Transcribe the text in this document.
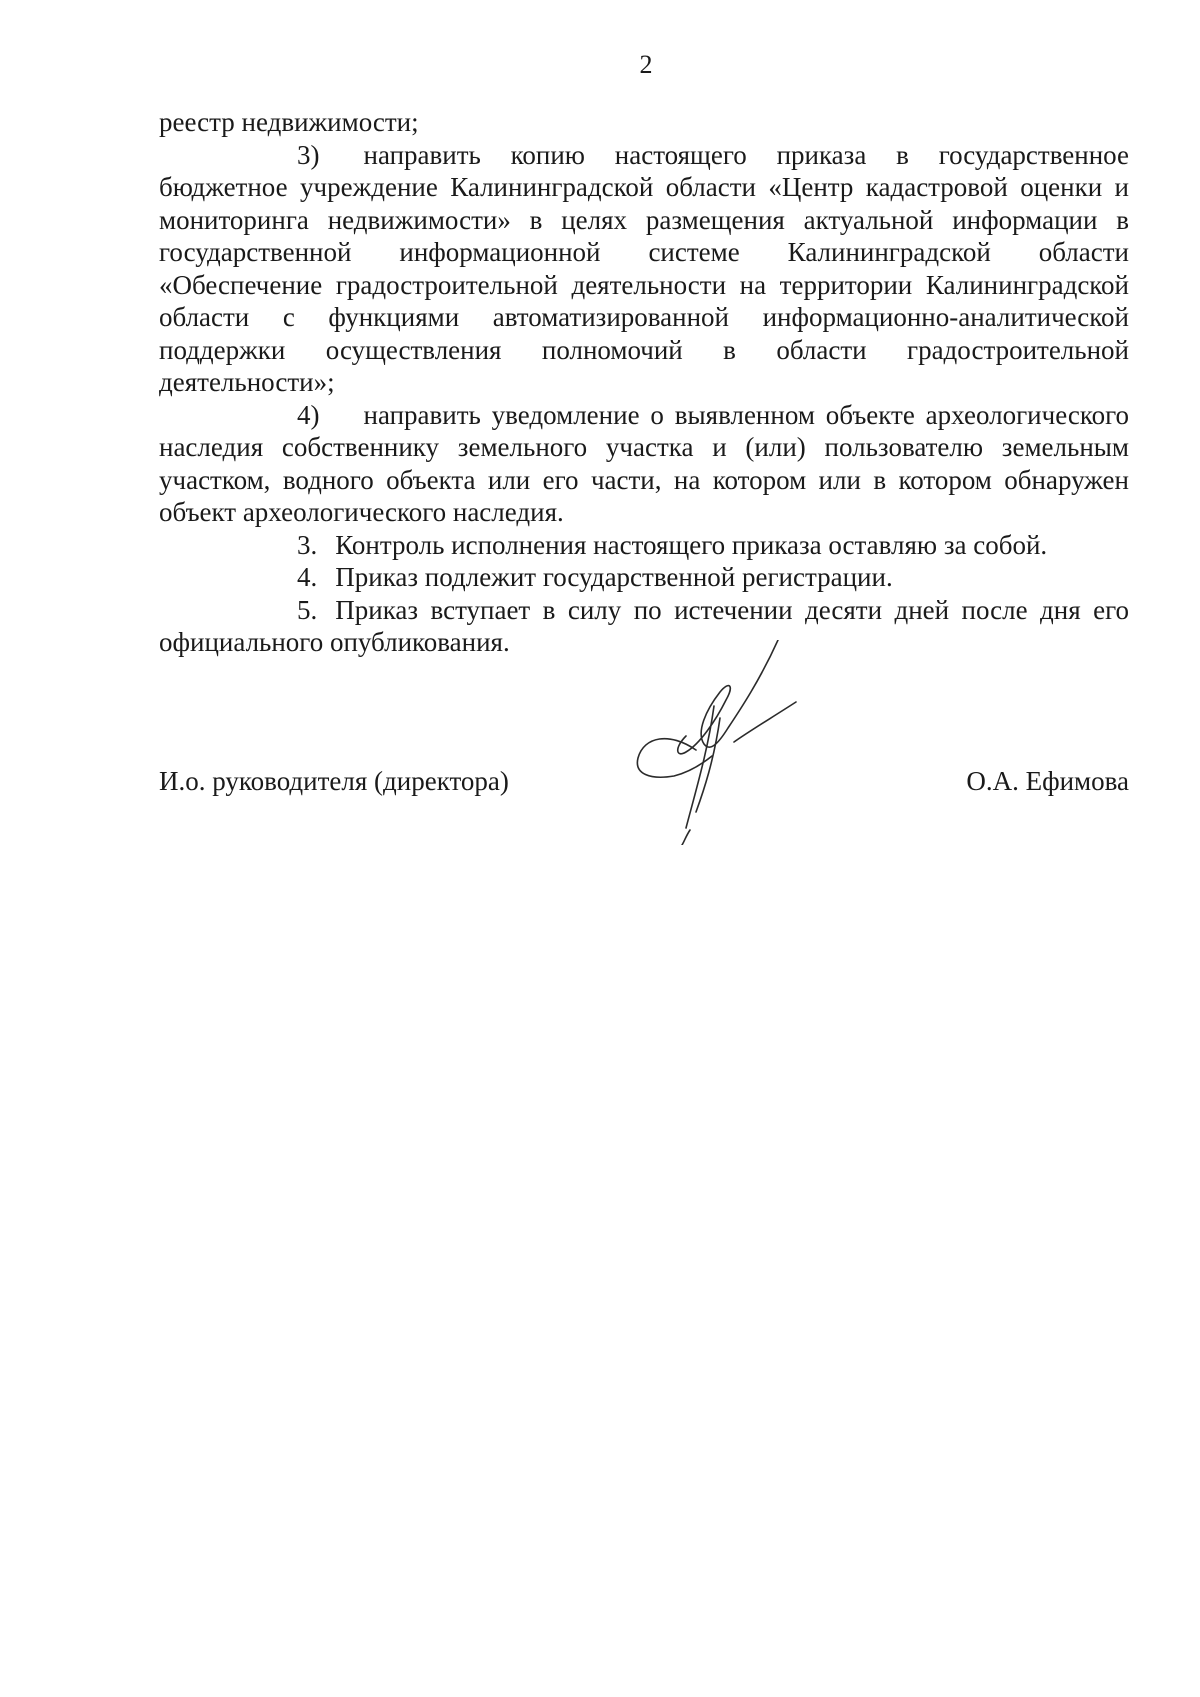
2

реестр недвижимости;

3) направить копию настоящего приказа в государственное бюджетное учреждение Калининградской области «Центр кадастровой оценки и мониторинга недвижимости» в целях размещения актуальной информации в государственной информационной системе Калининградской области «Обеспечение градостроительной деятельности на территории Калининградской области с функциями автоматизированной информационно-аналитической поддержки осуществления полномочий в области градостроительной деятельности»;

4) направить уведомление о выявленном объекте археологического наследия собственнику земельного участка и (или) пользователю земельным участком, водного объекта или его части, на котором или в котором обнаружен объект археологического наследия.

3. Контроль исполнения настоящего приказа оставляю за собой.

4. Приказ подлежит государственной регистрации.

5. Приказ вступает в силу по истечении десяти дней после дня его официального опубликования.

И.о. руководителя (директора)	О.А. Ефимова
